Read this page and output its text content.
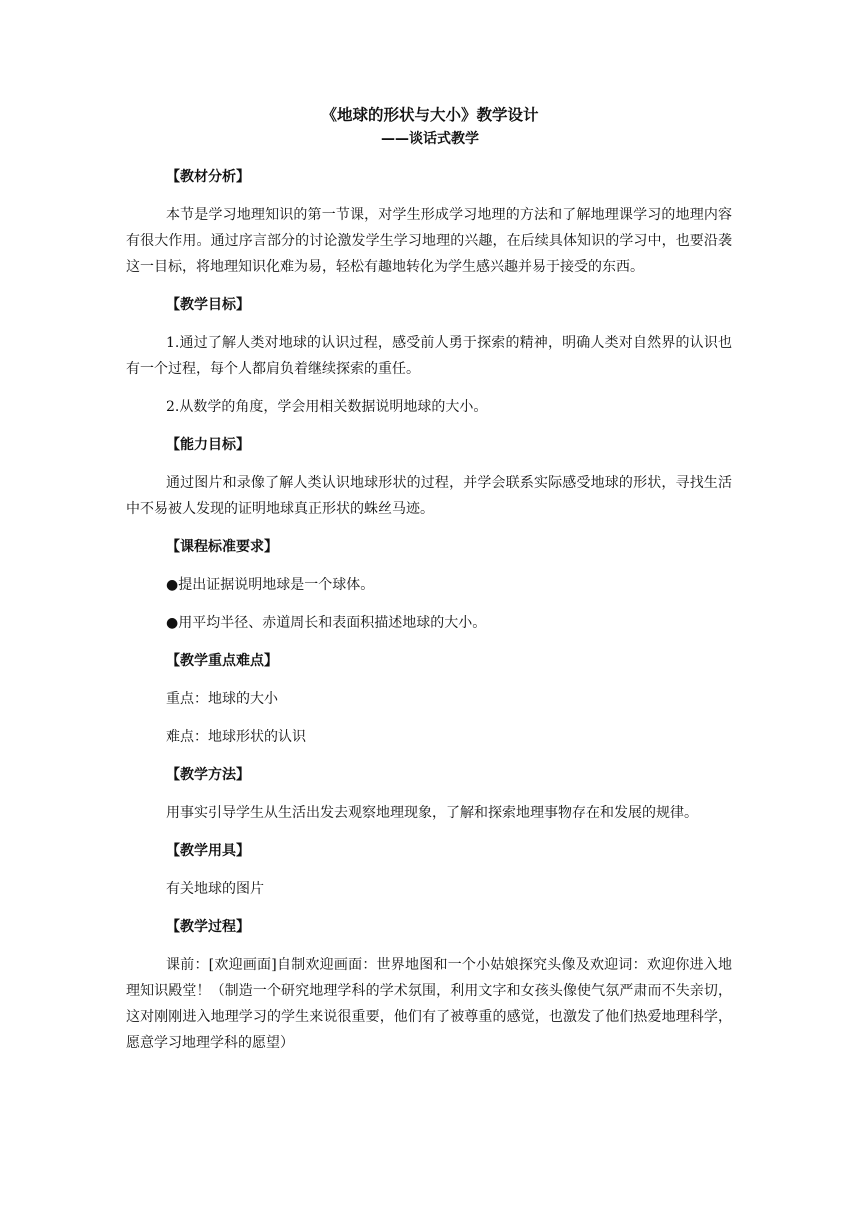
《地球的形状与大小》教学设计
——谈话式教学
【教材分析】
本节是学习地理知识的第一节课，对学生形成学习地理的方法和了解地理课学习的地理内容有很大作用。通过序言部分的讨论激发学生学习地理的兴趣，在后续具体知识的学习中，也要沿袭这一目标，将地理知识化难为易，轻松有趣地转化为学生感兴趣并易于接受的东西。
【教学目标】
1.通过了解人类对地球的认识过程，感受前人勇于探索的精神，明确人类对自然界的认识也有一个过程，每个人都肩负着继续探索的重任。
2.从数学的角度，学会用相关数据说明地球的大小。
【能力目标】
通过图片和录像了解人类认识地球形状的过程，并学会联系实际感受地球的形状，寻找生活中不易被人发现的证明地球真正形状的蛛丝马迹。
【课程标准要求】
●提出证据说明地球是一个球体。
●用平均半径、赤道周长和表面积描述地球的大小。
【教学重点难点】
重点：地球的大小
难点：地球形状的认识
【教学方法】
用事实引导学生从生活出发去观察地理现象，了解和探索地理事物存在和发展的规律。
【教学用具】
有关地球的图片
【教学过程】
课前：[欢迎画面]自制欢迎画面：世界地图和一个小姑娘探究头像及欢迎词：欢迎你进入地理知识殿堂！（制造一个研究地理学科的学术氛围，利用文字和女孩头像使气氛严肃而不失亲切，这对刚刚进入地理学习的学生来说很重要，他们有了被尊重的感觉，也激发了他们热爱地理科学，愿意学习地理学科的愿望）
